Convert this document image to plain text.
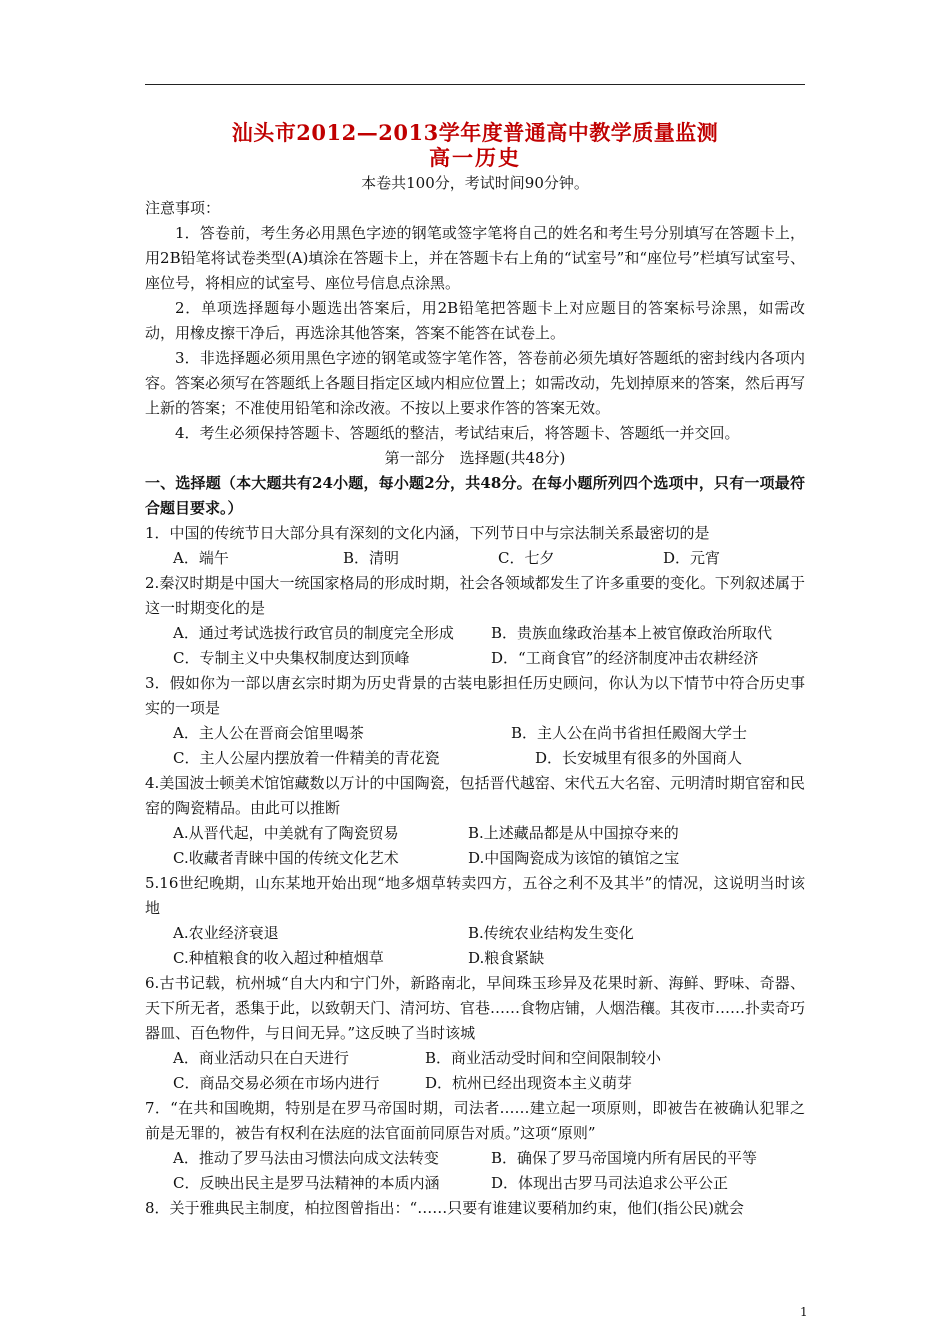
汕头市2012—2013学年度普通高中教学质量监测
高一历史
本卷共100分，考试时间90分钟。
注意事项：
1．答卷前，考生务必用黑色字迹的钢笔或签字笔将自己的姓名和考生号分别填写在答题卡上，用2B铅笔将试卷类型(A)填涂在答题卡上，并在答题卡右上角的“试室号”和“座位号”栏填写试室号、座位号，将相应的试室号、座位号信息点涂黑。
2．单项选择题每小题选出答案后，用2B铅笔把答题卡上对应题目的答案标号涂黑，如需改动，用橡皮擦干净后，再选涂其他答案，答案不能答在试卷上。
3．非选择题必须用黑色字迹的钢笔或签字笔作答，答卷前必须先填好答题纸的密封线内各项内容。答案必须写在答题纸上各题目指定区域内相应位置上；如需改动，先划掉原来的答案，然后再写上新的答案；不准使用铅笔和涂改液。不按以上要求作答的答案无效。
4．考生必须保持答题卡、答题纸的整洁，考试结束后，将答题卡、答题纸一并交回。
第一部分　选择题(共48分)
一、选择题（本大题共有24小题，每小题2分，共48分。在每小题所列四个选项中，只有一项最符合题目要求。）
1．中国的传统节日大部分具有深刻的文化内涵，下列节日中与宗法制关系最密切的是
A．端午	B．清明	C．七夕	D．元宵
2.秦汉时期是中国大一统国家格局的形成时期，社会各领域都发生了许多重要的变化。下列叙述属于这一时期变化的是
A．通过考试选拔行政官员的制度完全形成	B．贵族血缘政治基本上被官僚政治所取代
C．专制主义中央集权制度达到顶峰	D．“工商食官”的经济制度冲击农耕经济
3．假如你为一部以唐玄宗时期为历史背景的古装电影担任历史顾问，你认为以下情节中符合历史事实的一项是
A．主人公在晋商会馆里喝茶	B．主人公在尚书省担任殿阁大学士
C．主人公屋内摆放着一件精美的青花瓷	D．长安城里有很多的外国商人
4.美国波士顿美术馆馆藏数以万计的中国陶瓷，包括晋代越窑、宋代五大名窑、元明清时期官窑和民窑的陶瓷精品。由此可以推断
A.从晋代起，中美就有了陶瓷贸易	B.上述藏品都是从中国掠夺来的
C.收藏者青睐中国的传统文化艺术	D.中国陶瓷成为该馆的镇馆之宝
5.16世纪晚期，山东某地开始出现“地多烟草转卖四方，五谷之利不及其半”的情况，这说明当时该地
A.农业经济衰退	B.传统农业结构发生变化
C.种植粮食的收入超过种植烟草	D.粮食紧缺
6.古书记载，杭州城“自大内和宁门外，新路南北，早间珠玉珍异及花果时新、海鲜、野味、奇器、天下所无者，悉集于此，以致朝天门、清河坊、官巷……食物店铺，人烟浩穰。其夜市……扑卖奇巧器皿、百色物件，与日间无异。”这反映了当时该城
A．商业活动只在白天进行	B．商业活动受时间和空间限制较小
C．商品交易必须在市场内进行	D．杭州已经出现资本主义萌芽
7．“在共和国晚期，特别是在罗马帝国时期，司法者……建立起一项原则，即被告在被确认犯罪之前是无罪的，被告有权利在法庭的法官面前同原告对质。”这项“原则”
A．推动了罗马法由习惯法向成文法转变	B．确保了罗马帝国境内所有居民的平等
C．反映出民主是罗马法精神的本质内涵	D．体现出古罗马司法追求公平公正
8．关于雅典民主制度，柏拉图曾指出：“……只要有谁建议要稍加约束，他们(指公民)就会
1
